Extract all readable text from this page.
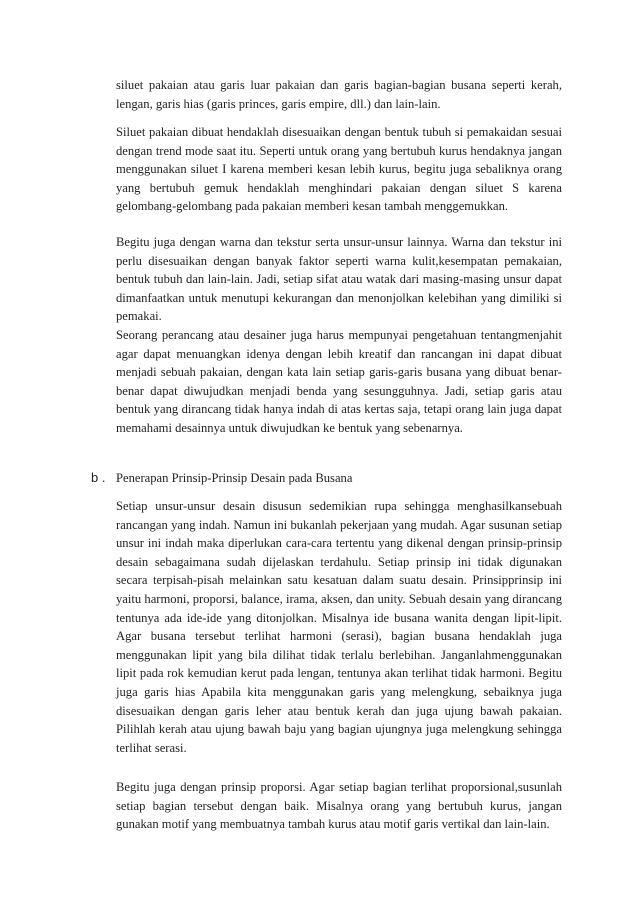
siluet pakaian atau garis luar pakaian dan garis bagian-bagian busana seperti kerah, lengan, garis hias (garis princes, garis empire, dll.) dan lain-lain.

Siluet pakaian dibuat hendaklah disesuaikan dengan bentuk tubuh si pemakaidan sesuai dengan trend mode saat itu. Seperti untuk orang yang bertubuh kurus hendaknya jangan menggunakan siluet I karena memberi kesan lebih kurus, begitu juga sebaliknya orang yang bertubuh gemuk hendaklah menghindari pakaian dengan siluet S karena gelombang-gelombang pada pakaian memberi kesan tambah menggemukkan.

Begitu juga dengan warna dan tekstur serta unsur-unsur lainnya. Warna dan tekstur ini perlu disesuaikan dengan banyak faktor seperti warna kulit,kesempatan pemakaian, bentuk tubuh dan lain-lain. Jadi, setiap sifat atau watak dari masing-masing unsur dapat dimanfaatkan untuk menutupi kekurangan dan menonjolkan kelebihan yang dimiliki si pemakai.

Seorang perancang atau desainer juga harus mempunyai pengetahuan tentangmenjahit agar dapat menuangkan idenya dengan lebih kreatif dan rancangan ini dapat dibuat menjadi sebuah pakaian, dengan kata lain setiap garis-garis busana yang dibuat benar-benar dapat diwujudkan menjadi benda yang sesungguhnya. Jadi, setiap garis atau bentuk yang dirancang tidak hanya indah di atas kertas saja, tetapi orang lain juga dapat memahami desainnya untuk diwujudkan ke bentuk yang sebenarnya.

b . Penerapan Prinsip-Prinsip Desain pada Busana

Setiap unsur-unsur desain disusun sedemikian rupa sehingga menghasilkansebuah rancangan yang indah. Namun ini bukanlah pekerjaan yang mudah. Agar susunan setiap unsur ini indah maka diperlukan cara-cara tertentu yang dikenal dengan prinsip-prinsip desain sebagaimana sudah dijelaskan terdahulu. Setiap prinsip ini tidak digunakan secara terpisah-pisah melainkan satu kesatuan dalam suatu desain. Prinsipprinsip ini yaitu harmoni, proporsi, balance, irama, aksen, dan unity. Sebuah desain yang dirancang tentunya ada ide-ide yang ditonjolkan. Misalnya ide busana wanita dengan lipit-lipit. Agar busana tersebut terlihat harmoni (serasi), bagian busana hendaklah juga menggunakan lipit yang bila dilihat tidak terlalu berlebihan. Janganlahmenggunakan lipit pada rok kemudian kerut pada lengan, tentunya akan terlihat tidak harmoni. Begitu juga garis hias Apabila kita menggunakan garis yang melengkung, sebaiknya juga disesuaikan dengan garis leher atau bentuk kerah dan juga ujung bawah pakaian. Pilihlah kerah atau ujung bawah baju yang bagian ujungnya juga melengkung sehingga terlihat serasi.

Begitu juga dengan prinsip proporsi. Agar setiap bagian terlihat proporsional,susunlah setiap bagian tersebut dengan baik. Misalnya orang yang bertubuh kurus, jangan gunakan motif yang membuatnya tambah kurus atau motif garis vertikal dan lain-lain.
